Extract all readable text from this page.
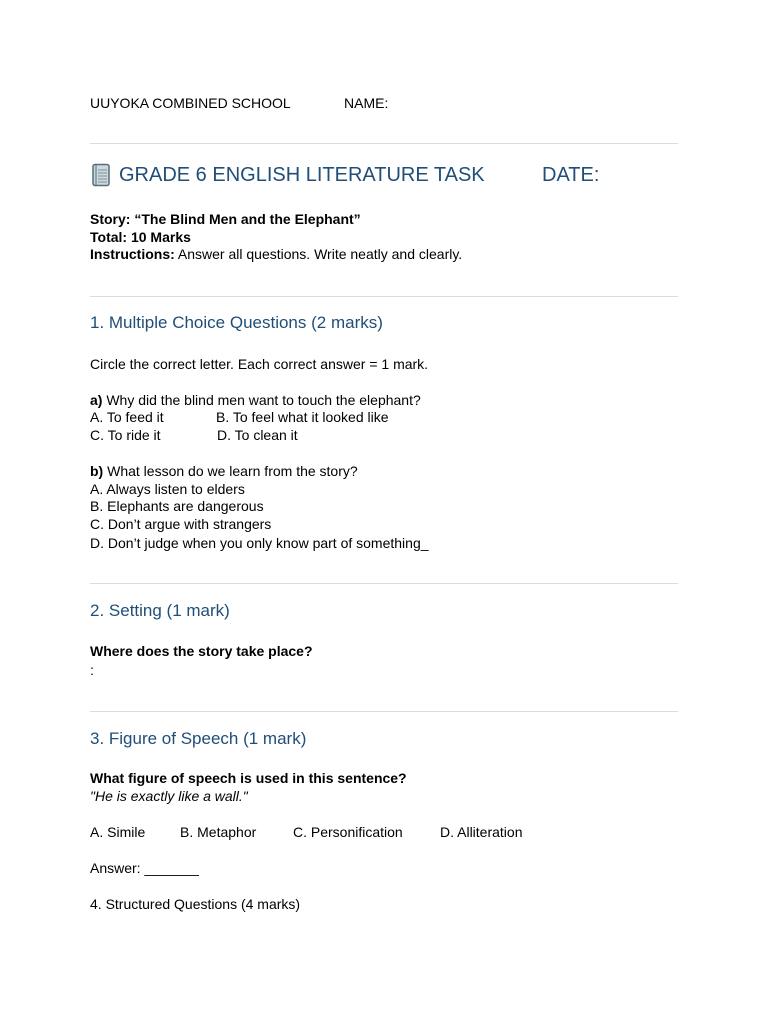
UUYOKA COMBINED SCHOOL	NAME:
GRADE 6 ENGLISH LITERATURE TASK	DATE:
Story: “The Blind Men and the Elephant”
Total: 10 Marks
Instructions: Answer all questions. Write neatly and clearly.
1. Multiple Choice Questions (2 marks)
Circle the correct letter. Each correct answer = 1 mark.
a) Why did the blind men want to touch the elephant?
A. To feed it	B. To feel what it looked like
C. To ride it	D. To clean it
b) What lesson do we learn from the story?
A. Always listen to elders
B. Elephants are dangerous
C. Don’t argue with strangers
D. Don’t judge when you only know part of something_
2. Setting (1 mark)
Where does the story take place?
:
3. Figure of Speech (1 mark)
What figure of speech is used in this sentence?
"He is exactly like a wall."
A. Simile B. Metaphor	C. Personification	D. Alliteration
Answer: _______
4. Structured Questions (4 marks)
